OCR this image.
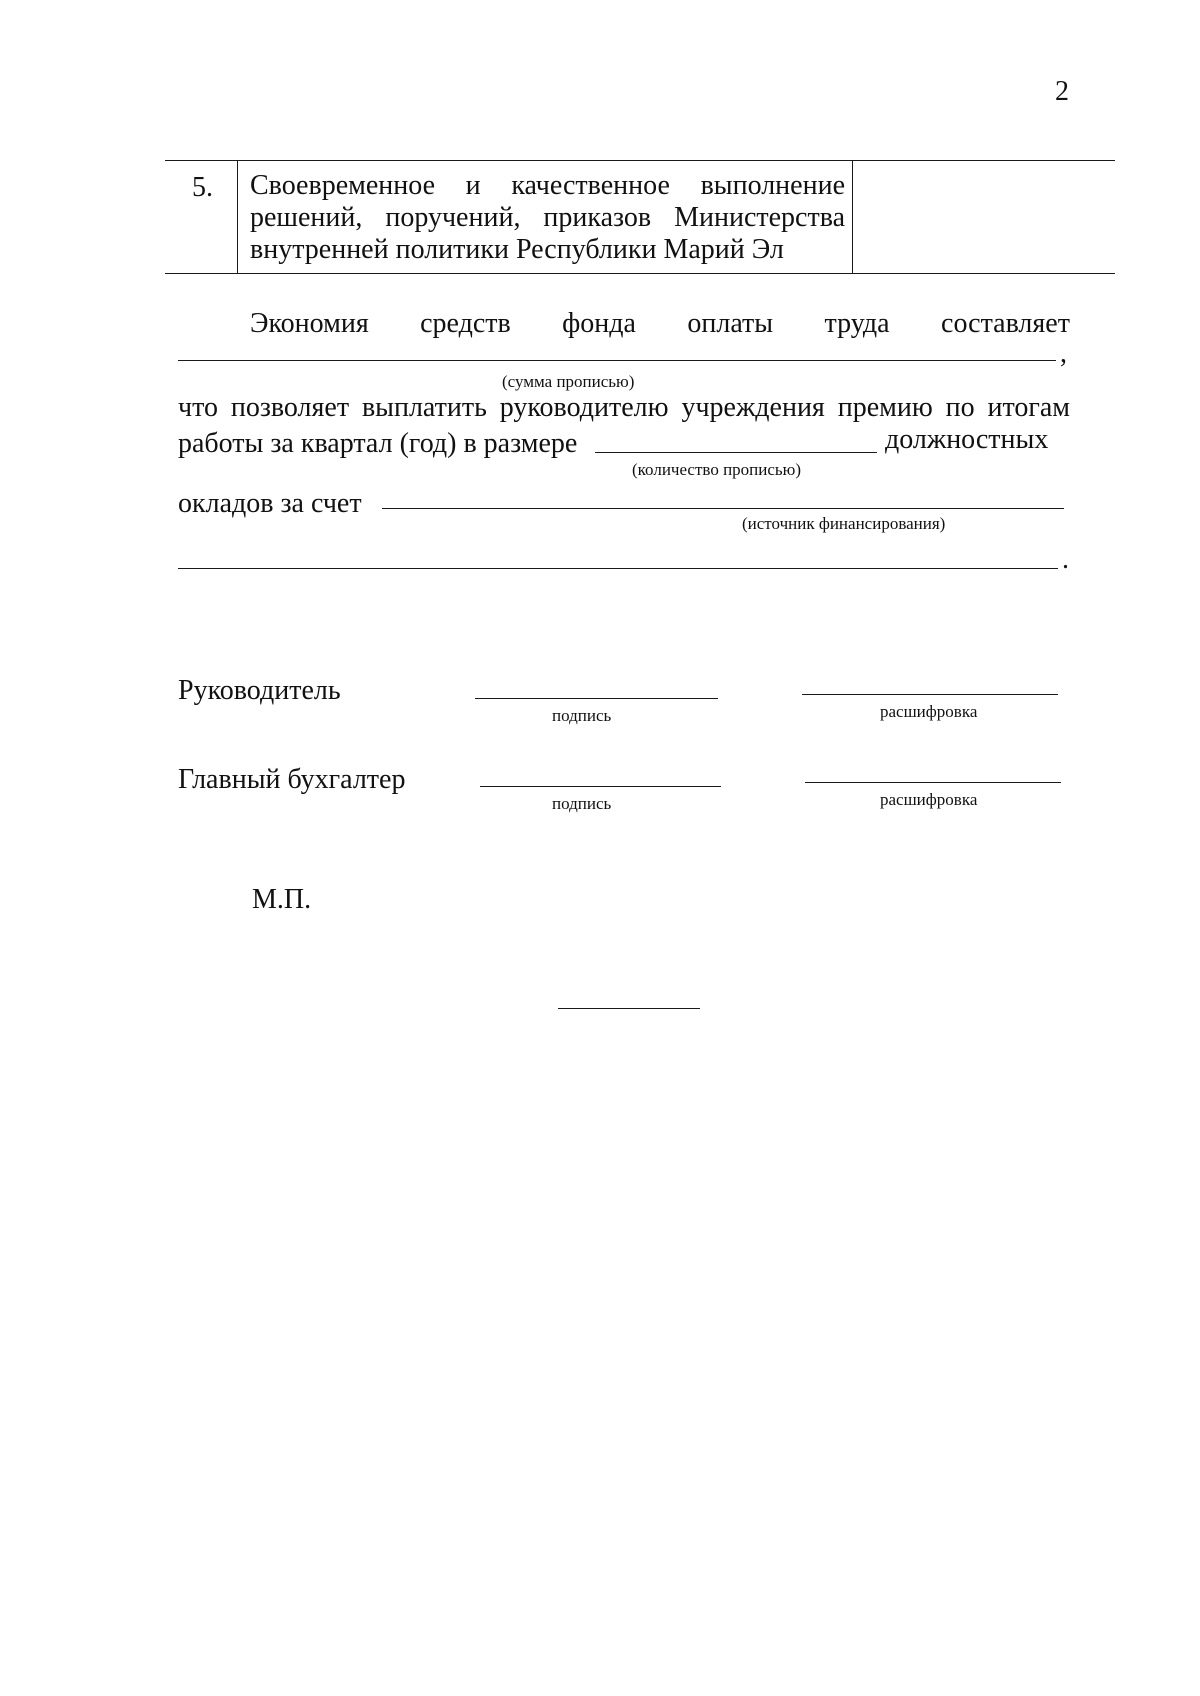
2
5. Своевременное и качественное выполнение
решений, поручений, приказов Министерства
внутренней политики Республики Марий Эл
Экономия средств фонда оплаты труда составляет
,
(сумма прописью)
что позволяет выплатить руководителю учреждения премию по итогам
работы за квартал (год) в размере	должностных
(количество прописью)
окладов за счет
(источник финансирования)
.
Руководитель
подпись	расшифровка
Главный бухгалтер
подпись	расшифровка
М.П.
